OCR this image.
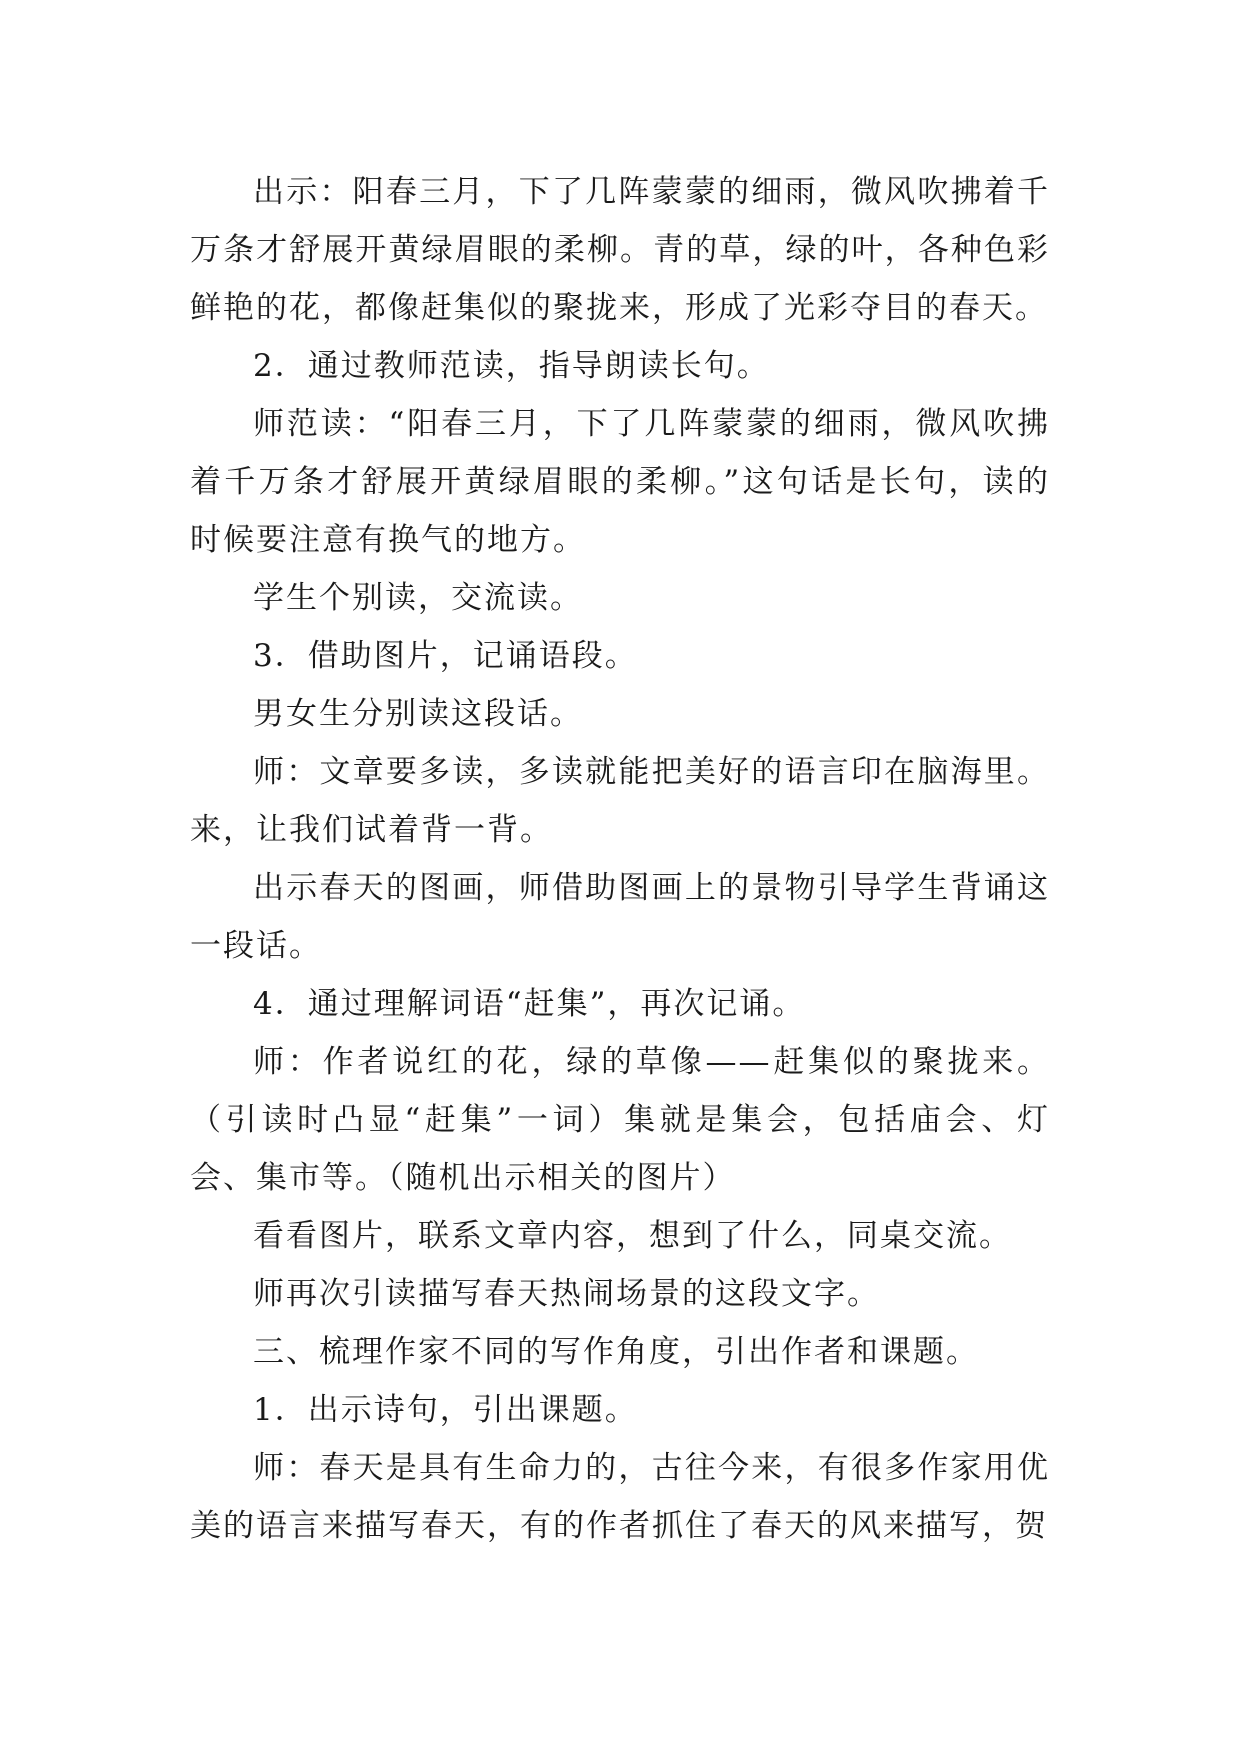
出示：阳春三月，下了几阵蒙蒙的细雨，微风吹拂着千万条才舒展开黄绿眉眼的柔柳。青的草，绿的叶，各种色彩鲜艳的花，都像赶集似的聚拢来，形成了光彩夺目的春天。

2．通过教师范读，指导朗读长句。

师范读：“阳春三月，下了几阵蒙蒙的细雨，微风吹拂着千万条才舒展开黄绿眉眼的柔柳。”这句话是长句，读的时候要注意有换气的地方。

学生个别读，交流读。

3．借助图片，记诵语段。

男女生分别读这段话。

师：文章要多读，多读就能把美好的语言印在脑海里。来，让我们试着背一背。

出示春天的图画，师借助图画上的景物引导学生背诵这一段话。

4．通过理解词语“赶集”，再次记诵。

师：作者说红的花，绿的草像——赶集似的聚拢来。（引读时凸显“赶集”一词）集就是集会，包括庙会、灯会、集市等。（随机出示相关的图片）

看看图片，联系文章内容，想到了什么，同桌交流。

师再次引读描写春天热闹场景的这段文字。

三、梳理作家不同的写作角度，引出作者和课题。

1．出示诗句，引出课题。

师：春天是具有生命力的，古往今来，有很多作家用优美的语言来描写春天，有的作者抓住了春天的风来描写，贺
